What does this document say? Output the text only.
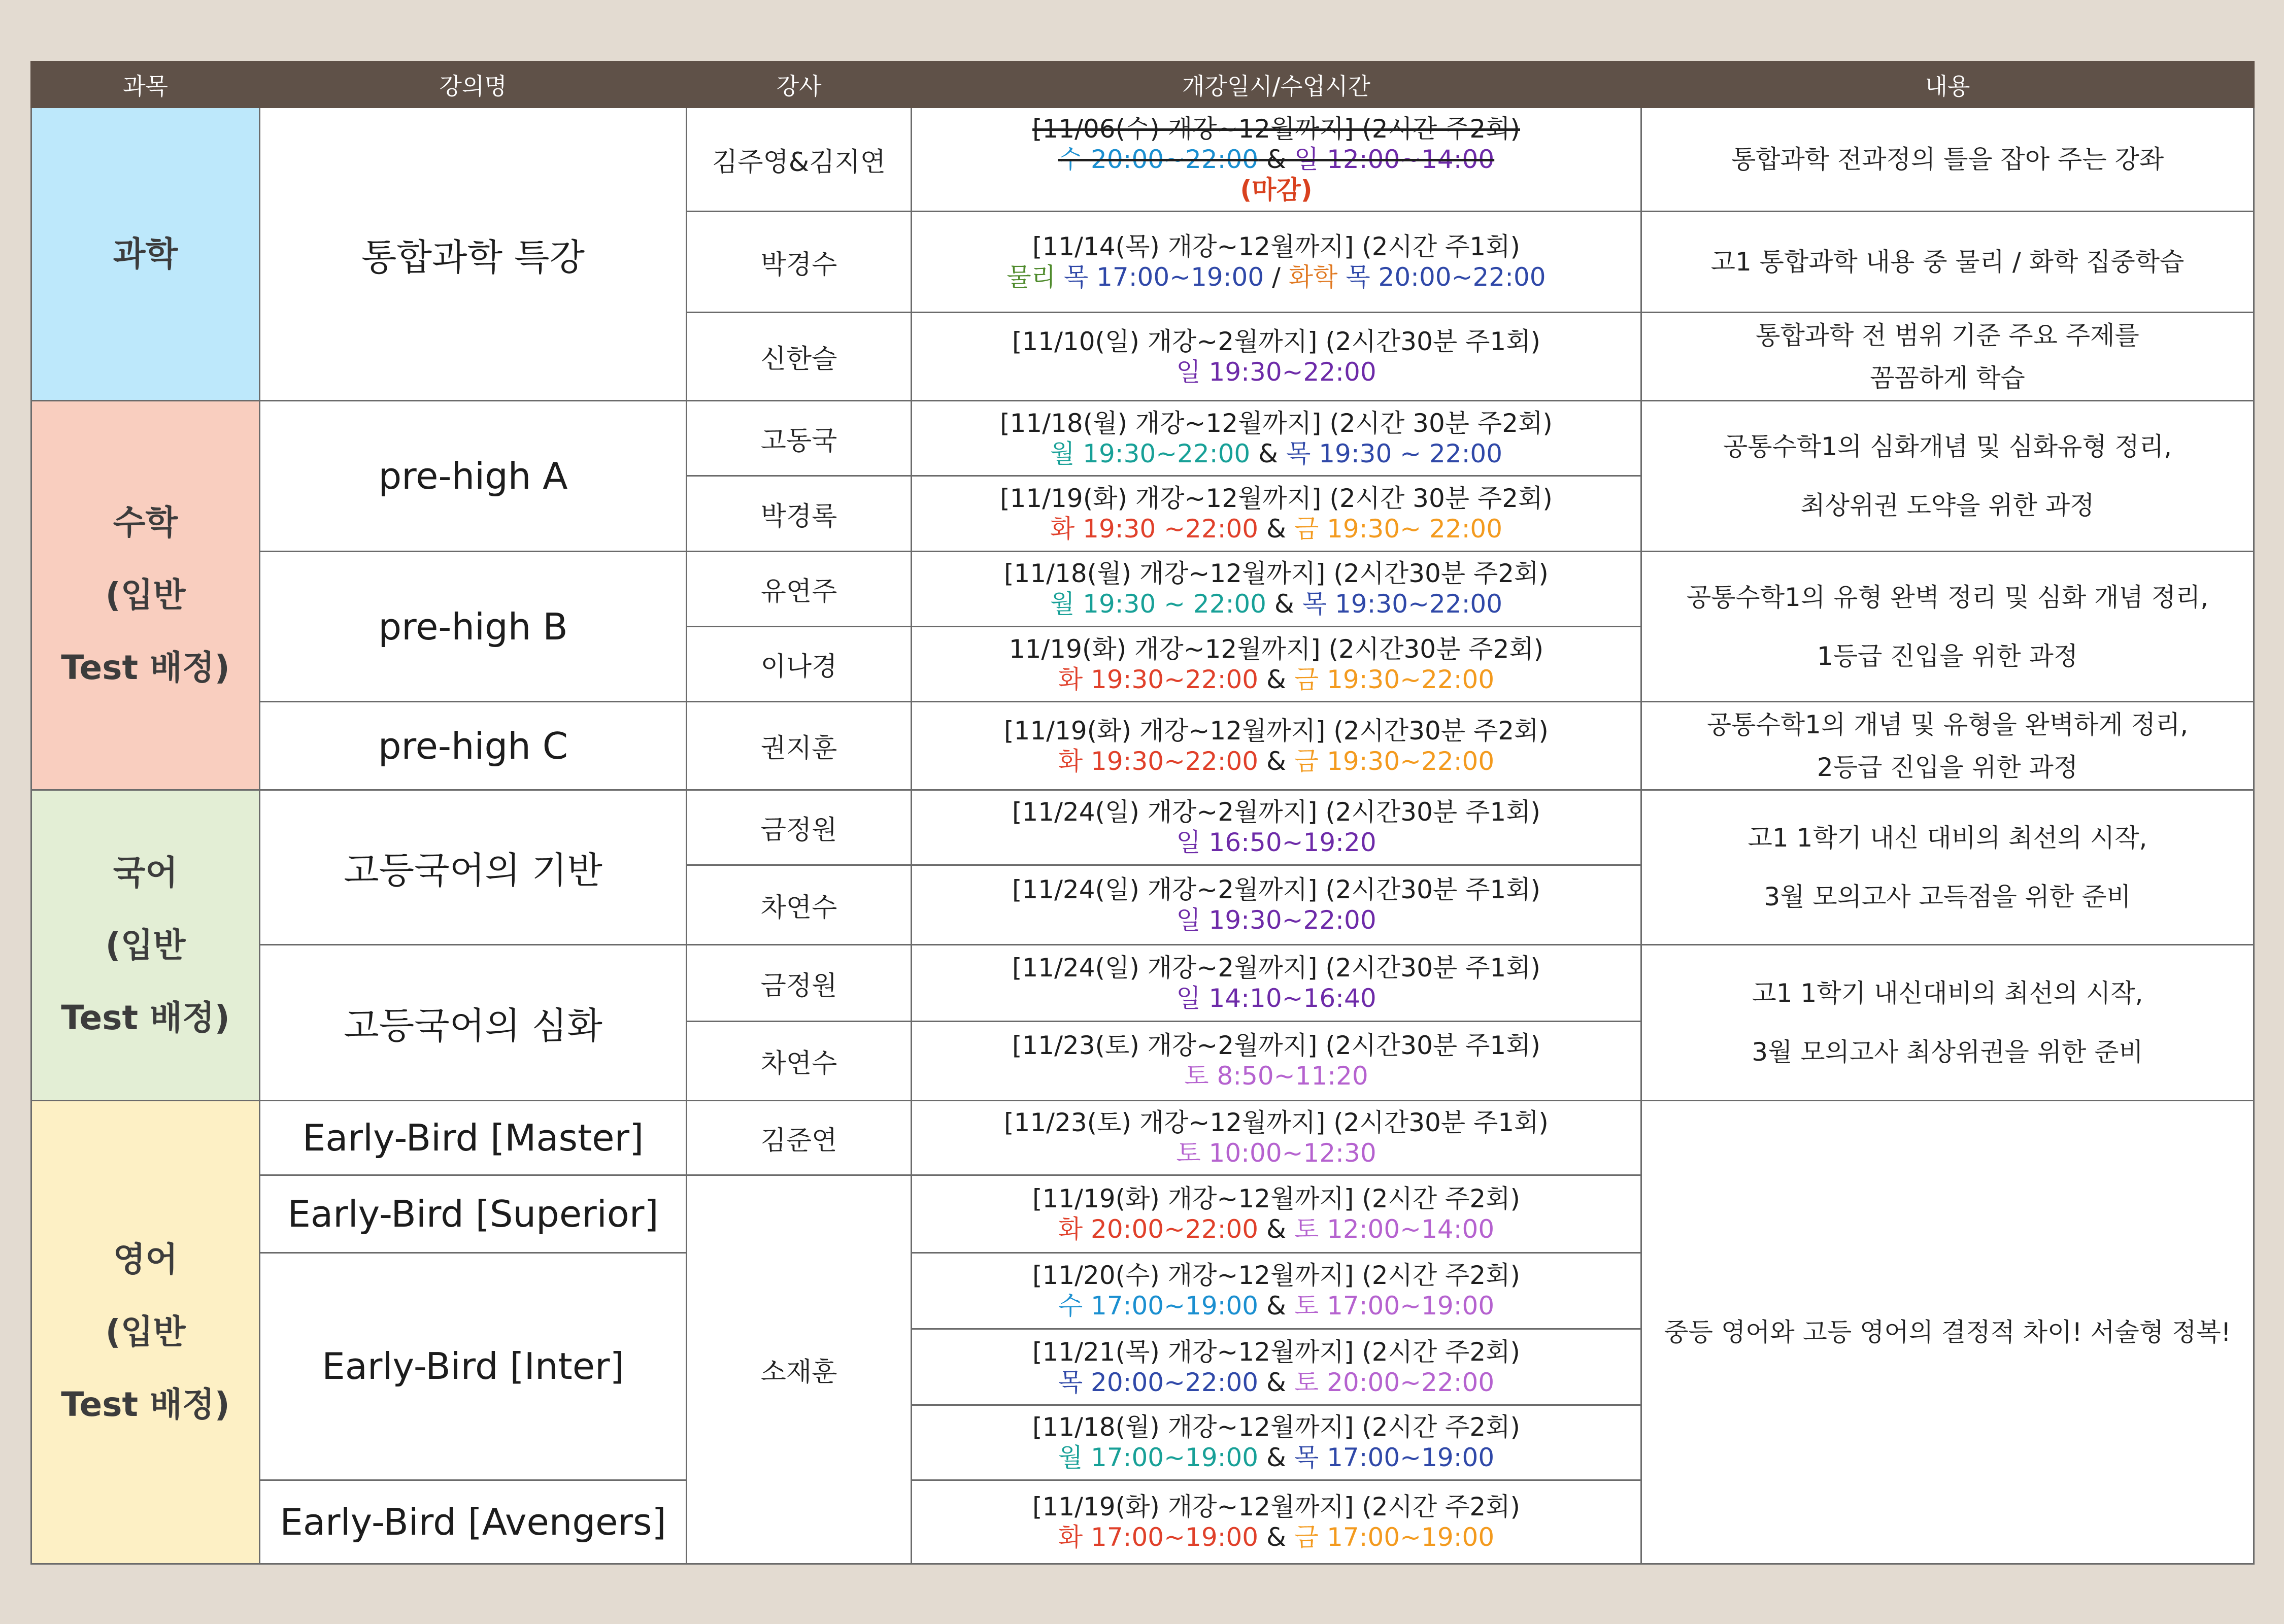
과목	강의명	강사	개강일시/수업시간	내용

과학	통합과학 특강	김주영&김지연	[11/06(수) 개강~12월까지] (2시간 주2회)
수 20:00~22:00 & 일 12:00~14:00
(마감)	통합과학 전과정의 틀을 잡아 주는 강좌
		박경수	[11/14(목) 개강~12월까지] (2시간 주1회)
물리 목 17:00~19:00 / 화학 목 20:00~22:00	고1 통합과학 내용 중 물리 / 화학 집중학습
		신한슬	[11/10(일) 개강~2월까지] (2시간30분 주1회)
일 19:30~22:00	통합과학 전 범위 기준 주요 주제를
꼼꼼하게 학습

수학
(입반
Test 배정)	pre-high A	고동국	[11/18(월) 개강~12월까지] (2시간 30분 주2회)
월 19:30~22:00 & 목 19:30 ~ 22:00	공통수학1의 심화개념 및 심화유형 정리,
최상위권 도약을 위한 과정

		박경록	[11/19(화) 개강~12월까지] (2시간 30분 주2회)
화 19:30 ~22:00 & 금 19:30~ 22:00	

	pre-high B	유연주	[11/18(월) 개강~12월까지] (2시간30분 주2회)
월 19:30 ~ 22:00 & 목 19:30~22:00	공통수학1의 유형 완벽 정리 및 심화 개념 정리,
1등급 진입을 위한 과정

		이나경	11/19(화) 개강~12월까지] (2시간30분 주2회)
화 19:30~22:00 & 금 19:30~22:00	

	pre-high C	권지훈	[11/19(화) 개강~12월까지] (2시간30분 주2회)
화 19:30~22:00 & 금 19:30~22:00	공통수학1의 개념 및 유형을 완벽하게 정리,
2등급 진입을 위한 과정

국어
(입반
Test 배정)	고등국어의 기반	금정원	[11/24(일) 개강~2월까지] (2시간30분 주1회)
일 16:50~19:20	고1 1학기 내신 대비의 최선의 시작,
3월 모의고사 고득점을 위한 준비

		차연수	[11/24(일) 개강~2월까지] (2시간30분 주1회)
일 19:30~22:00	

	고등국어의 심화	금정원	[11/24(일) 개강~2월까지] (2시간30분 주1회)
일 14:10~16:40	고1 1학기 내신대비의 최선의 시작,
3월 모의고사 최상위권을 위한 준비

		차연수	[11/23(토) 개강~2월까지] (2시간30분 주1회)
토 8:50~11:20	

영어
(입반
Test 배정)	Early-Bird [Master]	김준연	[11/23(토) 개강~12월까지] (2시간30분 주1회)
토 10:00~12:30	중등 영어와 고등 영어의 결정적 차이! 서술형 정복!
	Early-Bird [Superior]	소재훈	[11/19(화) 개강~12월까지] (2시간 주2회)
화 20:00~22:00 & 토 12:00~14:00	

	Early-Bird [Inter]		[11/20(수) 개강~12월까지] (2시간 주2회)
수 17:00~19:00 & 토 17:00~19:00	

			[11/21(목) 개강~12월까지] (2시간 주2회)
목 20:00~22:00 & 토 20:00~22:00	

			[11/18(월) 개강~12월까지] (2시간 주2회)
월 17:00~19:00 & 목 17:00~19:00	

	Early-Bird [Avengers]		[11/19(화) 개강~12월까지] (2시간 주2회)
화 17:00~19:00 & 금 17:00~19:00	
